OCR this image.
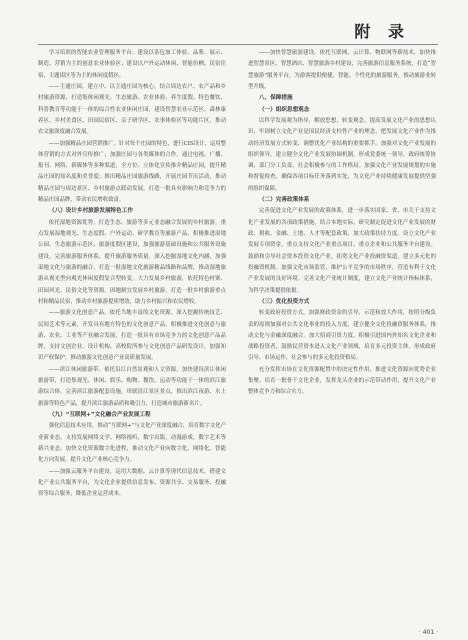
附 录
学习培训的智能农业管理服务平台；建设以茶包加工体验、品鉴、展示、制造、营销为主的创意农业体验区；建设以户外运动休闲、智能仿栖、民宿住宿、主题街区等为主的休闲度假区。
——主通庄园。建立中、以主通庄园为核心，结合周边农户、农产品和乡村旅游资源，打造集休闲观光、生态旅游、农业体验、养生度假、特色餐饮、科普教育等功能于一体的综合性农业休闲庄园，建设智慧农业示范区、森林康养区、乡村美食区、田园民宿区、亲子研学区、农事体验区等功能片区，推动农文旅深度融合发展。
——加强精品庄园营销推广。针对每个庄园的特色，进行CIS设计，运用整体营销的方式对外宣传推广；加强庄园与各类媒体的合作，通过电视、广播、报刊、网络、新媒体等多种渠道，全方位、立体化宣传推介精品庄园，提升精品庄园的知名度和美誉度；推出精品庄园旅游线路，开展庄园节庆活动，推动精品庄园与周边景区、乡村旅游点联动发展，打造一批具有影响力和竞争力的精品庄园品牌，带动农民增收致富。
（八）设计乡村旅游发展特色工作
依托湿地资源优势，打造生态、旅游等多元业态融合发展的乡村旅游。重点发展湿地观光、生态度假、户外运动、研学教育等旅游产品，积极推进湿地公园、生态旅游示范区、旅游度假区建设，加强旅游基础设施和公共服务设施建设，完善旅游服务体系，提升旅游服务质量。深入挖掘湿地文化内涵，加强湿地文化与旅游的融合，打造一批湿地文化旅游精品线路和品牌，推动湿地旅游从观光型向观光休闲度假复合型转变。大力发展乡村旅游，依托特色村寨、田园风光、民俗文化等资源，因地制宜发展乡村旅游，打造一批乡村旅游重点村和精品民宿，推动乡村旅游提质增效，助力乡村振兴和农民增收。
——旅游文化创意产品。依托当地丰富的文化资源，深入挖掘传统技艺、民间艺术等元素，开发具有地方特色的文化创意产品。积极推进文化创意与旅游、农业、工业等产业融合发展，打造一批具有市场竞争力的文化创意产品品牌，支持文创企业、设计机构、高校院所参与文化创意产品研发设计，加强知识产权保护，推动旅游文化创意产业高质量发展。
——滨江休闲旅游带。依托沿江自然景观和人文资源，加快建设滨江休闲旅游带，打造集观光、休闲、娱乐、购物、餐饮、运动等功能于一体的滨江旅游综合体。完善滨江旅游配套设施，串联沿江景区景点，推出滨江夜游、水上旅游等特色产品，提升滨江旅游品质和吸引力，打造城市旅游新名片。
（九）“互联网+”文化融合产业发展工程
强化信息技术应用，推动“互联网+”与文化产业深度融合，培育数字文化产业新业态。支持发展网络文学、网络视听、数字出版、动漫游戏、数字艺术等新兴业态，加快文化资源数字化进程，推动文化产业向数字化、网络化、智能化方向发展，提升文化产业核心竞争力。
——加强云服务平台建设。运用大数据、云计算等现代信息技术，搭建文化产业公共服务平台，为文化企业提供信息发布、资源共享、交易服务、投融资等综合服务，降低企业运营成本。
——加快智慧旅游建设。依托互联网、云计算、物联网等新技术，加快推进智慧景区、智慧酒店、智慧旅游乡村建设，完善旅游信息服务系统，打造“智慧旅游”服务平台，为游客提供便捷、智能、个性化的旅游服务，推动旅游业转型升级。
八、保障措施
（一）组织思想观念
以科学发展观为指导，解放思想，转变观念，提高发展文化产业的思想认识，牢固树立文化产业是国民经济支柱性产业的理念，把发展文化产业作为推动经济发展方式转变、调整优化产业结构的重要抓手。加强对文化产业发展的组织领导，建立健全文化产业发展协调机制，形成党委统一领导、政府统筹协调、部门分工负责、社会积极参与的工作格局。加强文化产业发展规划的实施和督促检查，确保各项目标任务落到实处，为文化产业持续健康发展提供坚强的组织保障。
（二）完善政策体系
完善促进文化产业发展的政策体系，进一步落实国家、省、市关于支持文化产业发展的各项政策措施，结合本地实际，研究制定促进文化产业发展的财政、税收、金融、土地、人才等配套政策，加大政策扶持力度。设立文化产业发展专项资金，重点支持文化产业重点项目、重点企业和公共服务平台建设。鼓励和引导社会资本投资文化产业，拓宽文化产业投融资渠道，建立多元化的投融资机制。加强文化市场监管，维护公平竞争的市场秩序，营造有利于文化产业发展的良好环境。完善文化产业统计制度，建立文化产业统计指标体系，为科学决策提供依据。
（三）优化投资方式
转变政府投资方式，加强财政资金的引导、示范和放大作用，按照分级负责的原则加强对公共文化事业的投入力度，建立健全文化投融资服务体系，推动文化与金融深度融合。加大招商引资力度，积极引进国内外知名文化企业和战略投资者，鼓励民营资本进入文化产业领域，培育多元投资主体，形成政府引导、市场运作、社会参与的多元化投资格局。
充分发挥市场在文化资源配置中的决定性作用，推进文化资源向优势企业集聚，培育一批骨干文化企业，发挥龙头企业的示范带动作用，提升文化产业整体竞争力和综合实力。
· 401 ·
